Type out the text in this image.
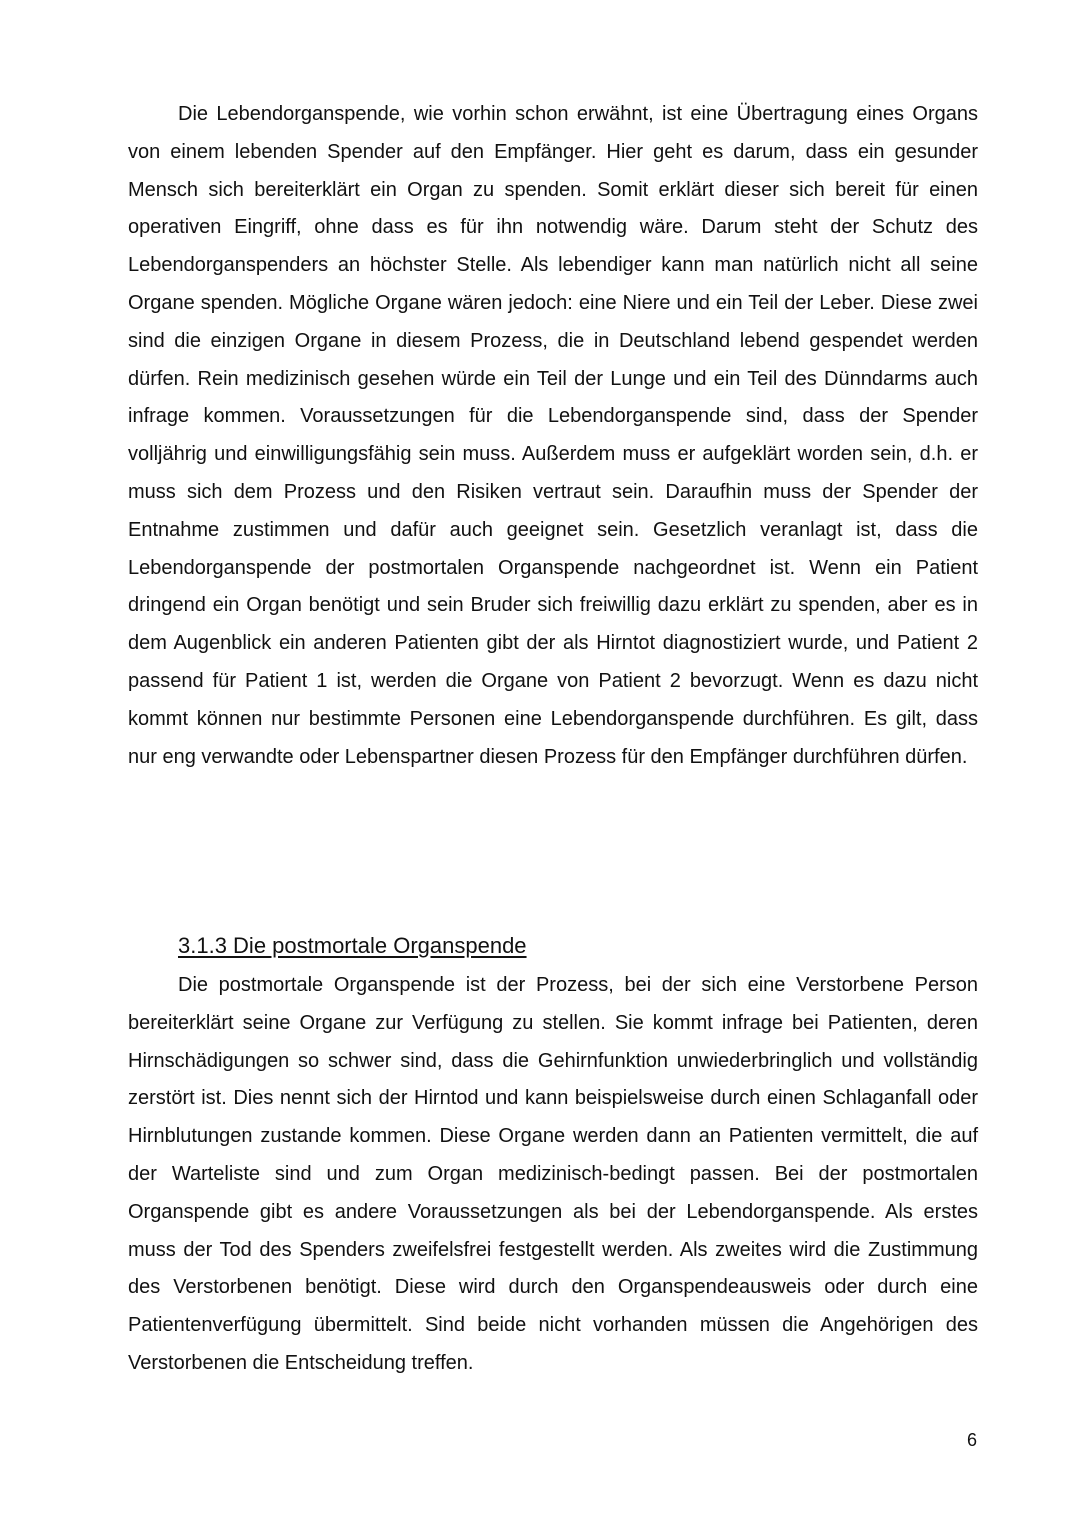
Die Lebendorganspende, wie vorhin schon erwähnt, ist eine Übertragung eines Organs von einem lebenden Spender auf den Empfänger. Hier geht es darum, dass ein gesunder Mensch sich bereiterklärt ein Organ zu spenden. Somit erklärt dieser sich bereit für einen operativen Eingriff, ohne dass es für ihn notwendig wäre. Darum steht der Schutz des Lebendorganspenders an höchster Stelle. Als lebendiger kann man natürlich nicht all seine Organe spenden. Mögliche Organe wären jedoch: eine Niere und ein Teil der Leber. Diese zwei sind die einzigen Organe in diesem Prozess, die in Deutschland lebend gespendet werden dürfen. Rein medizinisch gesehen würde ein Teil der Lunge und ein Teil des Dünndarms auch infrage kommen. Voraussetzungen für die Lebendorganspende sind, dass der Spender volljährig und einwilligungsfähig sein muss. Außerdem muss er aufgeklärt worden sein, d.h. er muss sich dem Prozess und den Risiken vertraut sein. Daraufhin muss der Spender der Entnahme zustimmen und dafür auch geeignet sein. Gesetzlich veranlagt ist, dass die Lebendorganspende der postmortalen Organspende nachgeordnet ist. Wenn ein Patient dringend ein Organ benötigt und sein Bruder sich freiwillig dazu erklärt zu spenden, aber es in dem Augenblick ein anderen Patienten gibt der als Hirntot diagnostiziert wurde, und Patient 2 passend für Patient 1 ist, werden die Organe von Patient 2 bevorzugt. Wenn es dazu nicht kommt können nur bestimmte Personen eine Lebendorganspende durchführen. Es gilt, dass nur eng verwandte oder Lebenspartner diesen Prozess für den Empfänger durchführen dürfen.

3.1.3 Die postmortale Organspende

Die postmortale Organspende ist der Prozess, bei der sich eine Verstorbene Person bereiterklärt seine Organe zur Verfügung zu stellen. Sie kommt infrage bei Patienten, deren Hirnschädigungen so schwer sind, dass die Gehirnfunktion unwiederbringlich und vollständig zerstört ist. Dies nennt sich der Hirntod und kann beispielsweise durch einen Schlaganfall oder Hirnblutungen zustande kommen. Diese Organe werden dann an Patienten vermittelt, die auf der Warteliste sind und zum Organ medizinisch-bedingt passen. Bei der postmortalen Organspende gibt es andere Voraussetzungen als bei der Lebendorganspende. Als erstes muss der Tod des Spenders zweifelsfrei festgestellt werden. Als zweites wird die Zustimmung des Verstorbenen benötigt. Diese wird durch den Organspendeausweis oder durch eine Patientenverfügung übermittelt. Sind beide nicht vorhanden müssen die Angehörigen des Verstorbenen die Entscheidung treffen.

6
